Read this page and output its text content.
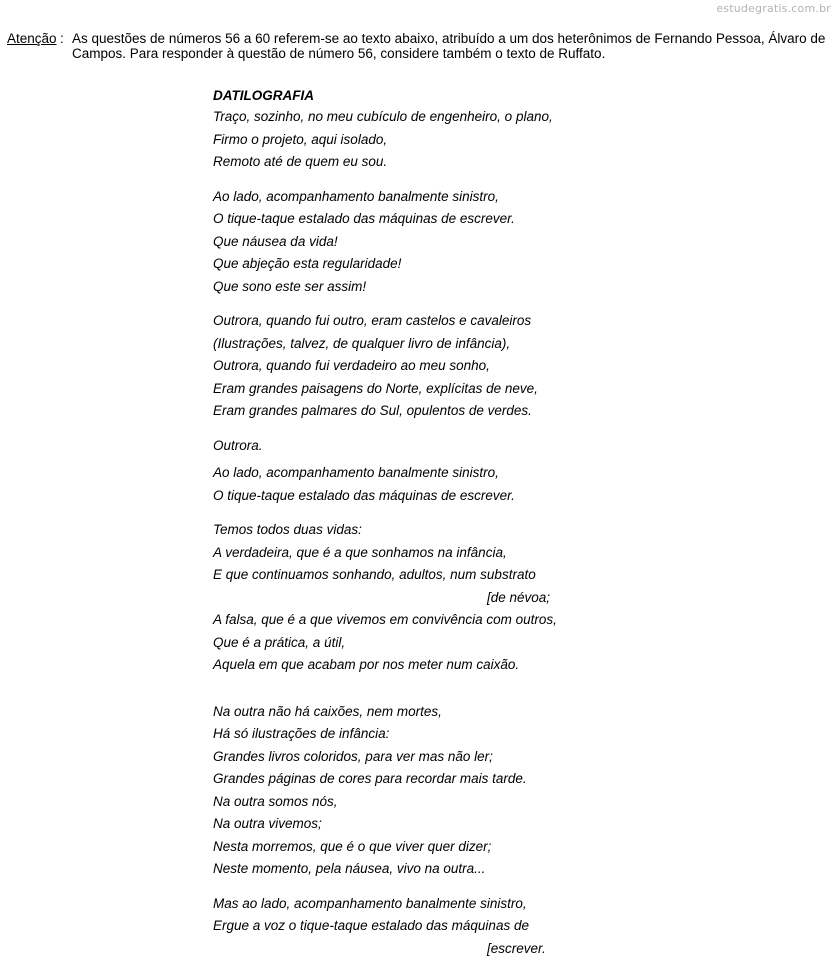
estudegratis.com.br
Atenção : As questões de números 56 a 60 referem-se ao texto abaixo, atribuído a um dos heterônimos de Fernando Pessoa, Álvaro de Campos. Para responder à questão de número 56, considere também o texto de Ruffato.
DATILOGRAFIA
Traço, sozinho, no meu cubículo de engenheiro, o plano,
Firmo o projeto, aqui isolado,
Remoto até de quem eu sou.
Ao lado, acompanhamento banalmente sinistro,
O tique-taque estalado das máquinas de escrever.
Que náusea da vida!
Que abjeção esta regularidade!
Que sono este ser assim!
Outrora, quando fui outro, eram castelos e cavaleiros
(Ilustrações, talvez, de qualquer livro de infância),
Outrora, quando fui verdadeiro ao meu sonho,
Eram grandes paisagens do Norte, explícitas de neve,
Eram grandes palmares do Sul, opulentos de verdes.
Outrora.
Ao lado, acompanhamento banalmente sinistro,
O tique-taque estalado das máquinas de escrever.
Temos todos duas vidas:
A verdadeira, que é a que sonhamos na infância,
E que continuamos sonhando, adultos, num substrato
[de névoa;
A falsa, que é a que vivemos em convivência com outros,
Que é a prática, a útil,
Aquela em que acabam por nos meter num caixão.
Na outra não há caixões, nem mortes,
Há só ilustrações de infância:
Grandes livros coloridos, para ver mas não ler;
Grandes páginas de cores para recordar mais tarde.
Na outra somos nós,
Na outra vivemos;
Nesta morremos, que é o que viver quer dizer;
Neste momento, pela náusea, vivo na outra...
Mas ao lado, acompanhamento banalmente sinistro,
Ergue a voz o tique-taque estalado das máquinas de
[escrever.
